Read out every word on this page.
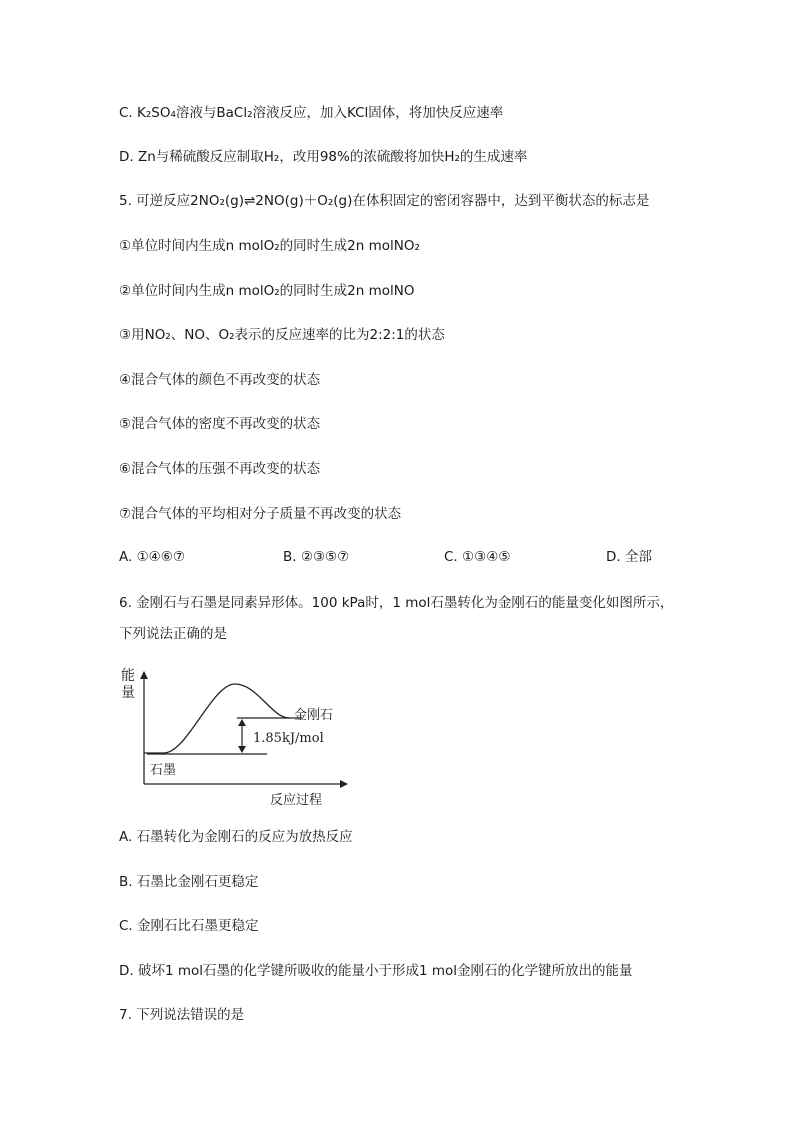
C. K₂SO₄溶液与BaCl₂溶液反应，加入KCl固体，将加快反应速率
D. Zn与稀硫酸反应制取H₂，改用98%的浓硫酸将加快H₂的生成速率
5. 可逆反应2NO₂(g)⇌2NO(g)＋O₂(g)在体积固定的密闭容器中，达到平衡状态的标志是
①单位时间内生成n molO₂的同时生成2n molNO₂
②单位时间内生成n molO₂的同时生成2n molNO
③用NO₂、NO、O₂表示的反应速率的比为2:2:1的状态
④混合气体的颜色不再改变的状态
⑤混合气体的密度不再改变的状态
⑥混合气体的压强不再改变的状态
⑦混合气体的平均相对分子质量不再改变的状态
A. ①④⑥⑦	B. ②③⑤⑦	C. ①③④⑤	D. 全部
6. 金刚石与石墨是同素异形体。100 kPa时，1 mol石墨转化为金刚石的能量变化如图所示，
下列说法正确的是
能
量
金刚石
1.85kJ/mol
石墨
反应过程
A. 石墨转化为金刚石的反应为放热反应
B. 石墨比金刚石更稳定
C. 金刚石比石墨更稳定
D. 破坏1 mol石墨的化学键所吸收的能量小于形成1 mol金刚石的化学键所放出的能量
7. 下列说法错误的是
